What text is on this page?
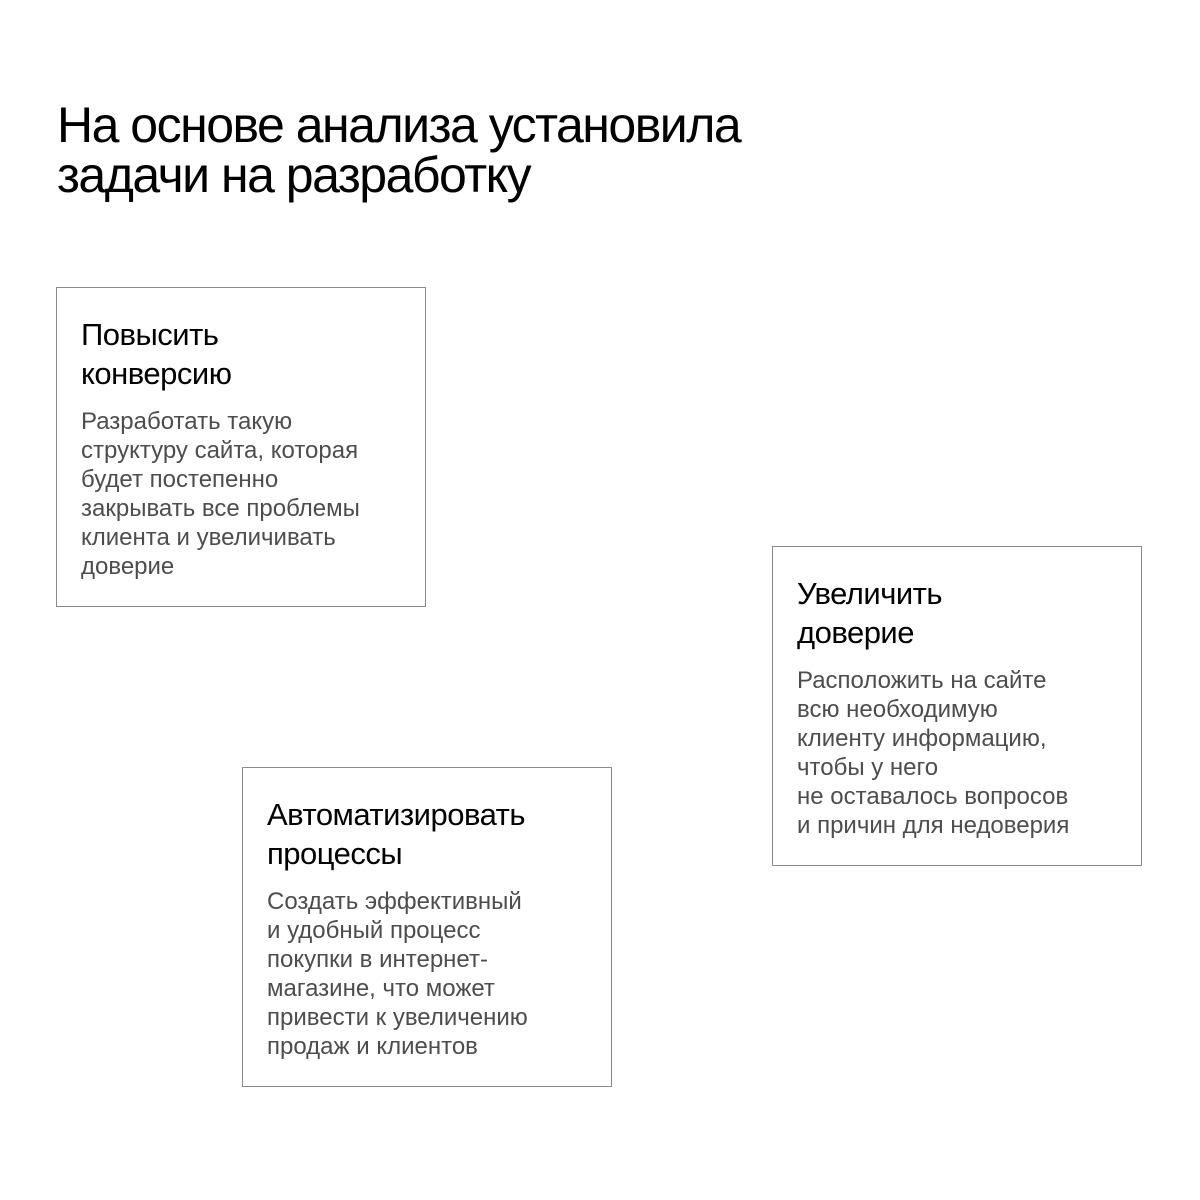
На основе анализа установила
задачи на разработку
Повысить
конверсию

Разработать такую
структуру сайта, которая
будет постепенно
закрывать все проблемы
клиента и увеличивать
доверие

Увеличить
доверие

Расположить на сайте
всю необходимую
клиенту информацию,
чтобы у него
не оставалось вопросов
и причин для недоверия

Автоматизировать
процессы

Создать эффективный
и удобный процесс
покупки в интернет-
магазине, что может
привести к увеличению
продаж и клиентов
